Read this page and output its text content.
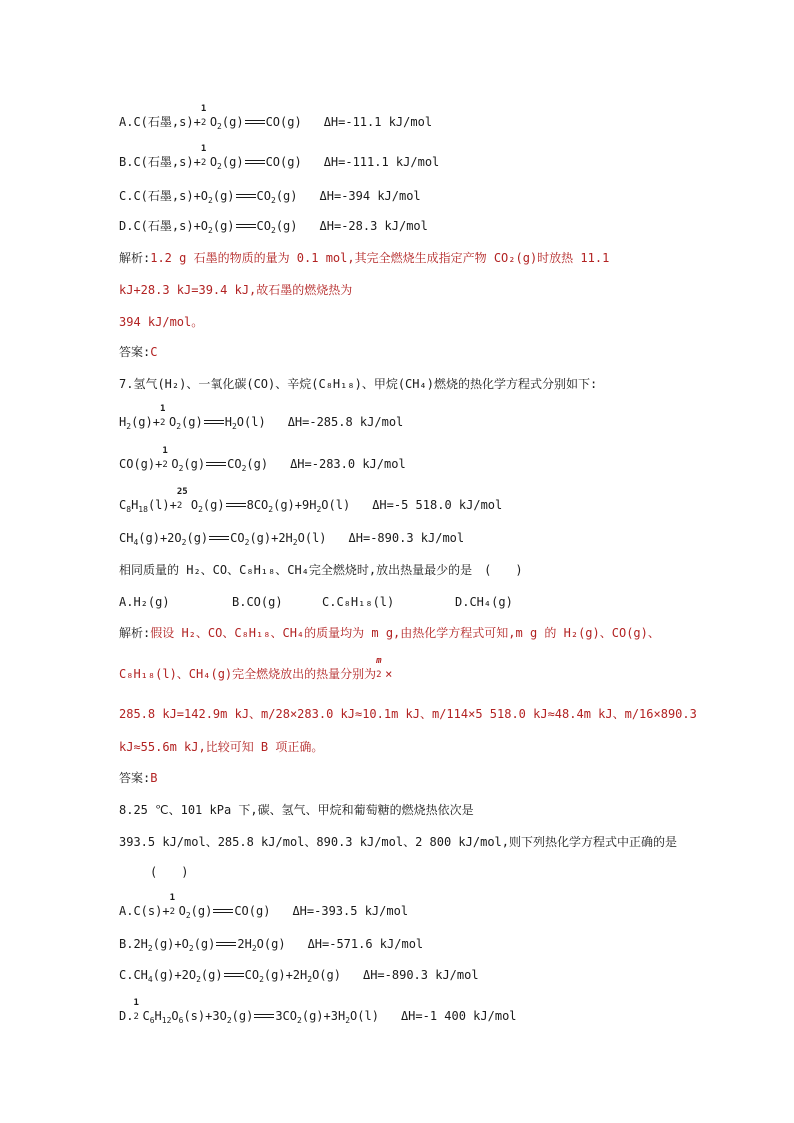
A.C(石墨,s)+
1
2 $O_2(g)$ CO(g) ΔH=-11.1 kJ/mol
B.C(石墨,s)+
1
2 $O_2(g)$ CO(g) ΔH=-111.1 kJ/mol
C.C(石墨$,s)+O_2(g)$ $CO_2(g)$ ΔH=-394 kJ/mol
D.C(石墨$,s)+O_2(g)$ $CO_2(g)$ ΔH=-28.3 kJ/mol
解析:1.2 g 石墨的物质的量为 0.1 mol,其完全燃烧生成指定产物 CO₂(g)时放热 11.1
kJ+28.3 kJ=39.4 kJ,故石墨的燃烧热为
394 kJ/mol。
答案:C
7.氢气(H₂)、一氧化碳(CO)、辛烷(C₈H₁₈)、甲烷(CH₄)燃烧的热化学方程式分别如下:
$H_2(g)+$
1
2 $O_2(g)$ $H_2O(l)$ ΔH=-285.8 kJ/mol
CO(g)+
1
2 $O_2(g)$ $CO_2(g)$ ΔH=-283.0 kJ/mol
$C_8H_{18}(l)+$
25
2 $O_2(g)$ $8CO_2(g)+9H_2O(l)$ ΔH=-5 518.0 kJ/mol
$CH_4(g)+2O_2(g)$ $CO_2(g)+2H_2O(l)$ ΔH=-890.3 kJ/mol
相同质量的 H₂、CO、C₈H₁₈、CH₄完全燃烧时,放出热量最少的是　(　　)
A.H₂(g)	B.CO(g)	C.C₈H₁₈(l)	D.CH₄(g)
解析:假设 H₂、CO、C₈H₁₈、CH₄的质量均为 m g,由热化学方程式可知,m g 的 H₂(g)、CO(g)、
C₈H₁₈(l)、CH₄(g)完全燃烧放出的热量分别为
m
2 ×
285.8 kJ=142.9m kJ、m/28×283.0 kJ≈10.1m kJ、m/114×5 518.0 kJ≈48.4m kJ、m/16×890.3
kJ≈55.6m kJ,比较可知 B 项正确。
答案:B
8.25 ℃、101 kPa 下,碳、氢气、甲烷和葡萄糖的燃烧热依次是
393.5 kJ/mol、285.8 kJ/mol、890.3 kJ/mol、2 800 kJ/mol,则下列热化学方程式中正确的是
(　　)
A.C(s)+
1
2 $O_2(g)$ CO(g) ΔH=-393.5 kJ/mol
$B.2H_2(g)+O_2(g)$ $2H_2O(g)$ ΔH=-571.6 kJ/mol
$C.CH_4(g)+2O_2(g)$ $CO_2(g)+2H_2O(g)$ ΔH=-890.3 kJ/mol
D.
1
2 $C_6H_{12}O_6(s)+3O_2(g)$ $3CO_2(g)+3H_2O(l)$ ΔH=-1 400 kJ/mol
